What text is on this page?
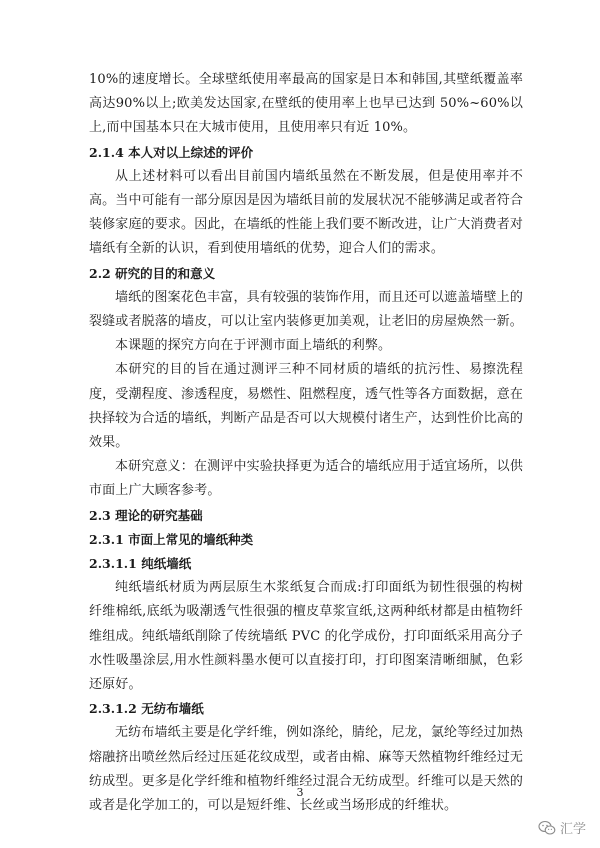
10%的速度增长。全球壁纸使用率最高的国家是日本和韩国,其壁纸覆盖率高达90%以上;欧美发达国家,在壁纸的使用率上也早已达到 50%~60%以上,而中国基本只在大城市使用，且使用率只有近 10%。

2.1.4 本人对以上综述的评价

从上述材料可以看出目前国内墙纸虽然在不断发展，但是使用率并不高。当中可能有一部分原因是因为墙纸目前的发展状况不能够满足或者符合装修家庭的要求。因此，在墙纸的性能上我们要不断改进，让广大消费者对墙纸有全新的认识，看到使用墙纸的优势，迎合人们的需求。

2.2 研究的目的和意义

墙纸的图案花色丰富，具有较强的装饰作用，而且还可以遮盖墙壁上的裂缝或者脱落的墙皮，可以让室内装修更加美观，让老旧的房屋焕然一新。

本课题的探究方向在于评测市面上墙纸的利弊。

本研究的目的旨在通过测评三种不同材质的墙纸的抗污性、易擦洗程度，受潮程度、渗透程度，易燃性、阻燃程度，透气性等各方面数据，意在抉择较为合适的墙纸，判断产品是否可以大规模付诸生产，达到性价比高的效果。

本研究意义：在测评中实验抉择更为适合的墙纸应用于适宜场所，以供市面上广大顾客参考。

2.3 理论的研究基础
2.3.1 市面上常见的墙纸种类
2.3.1.1 纯纸墙纸

纯纸墙纸材质为两层原生木浆纸复合而成:打印面纸为韧性很强的构树纤维棉纸,底纸为吸潮透气性很强的檀皮草浆宣纸,这两种纸材都是由植物纤维组成。纯纸墙纸削除了传统墙纸 PVC 的化学成份，打印面纸采用高分子水性吸墨涂层,用水性颜料墨水便可以直接打印，打印图案清晰细腻，色彩还原好。

2.3.1.2 无纺布墙纸

无纺布墙纸主要是化学纤维，例如涤纶，腈纶，尼龙，氯纶等经过加热熔融挤出喷丝然后经过压延花纹成型，或者由棉、麻等天然植物纤维经过无纺成型。更多是化学纤维和植物纤维经过混合无纺成型。纤维可以是天然的或者是化学加工的，可以是短纤维、长丝或当场形成的纤维状。

3
汇学
